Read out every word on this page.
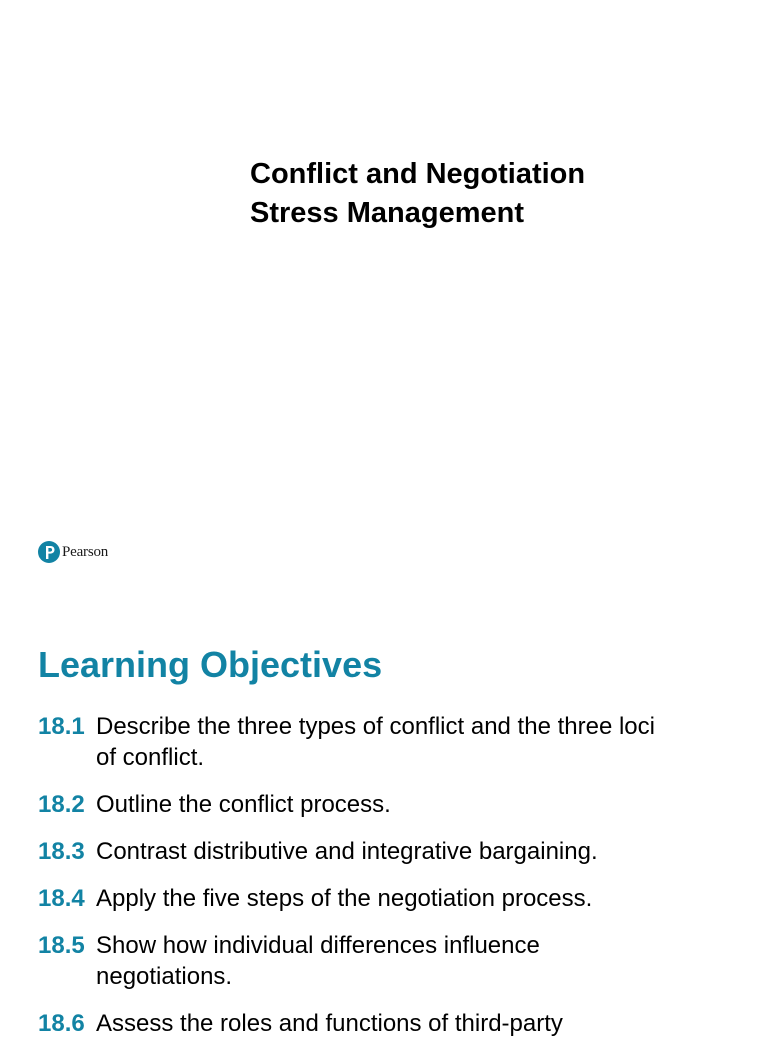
Conflict and Negotiation
Stress Management
Pearson
Learning Objectives
18.1 Describe the three types of conflict and the three loci of conflict.
18.2 Outline the conflict process.
18.3 Contrast distributive and integrative bargaining.
18.4 Apply the five steps of the negotiation process.
18.5 Show how individual differences influence negotiations.
18.6 Assess the roles and functions of third-party
